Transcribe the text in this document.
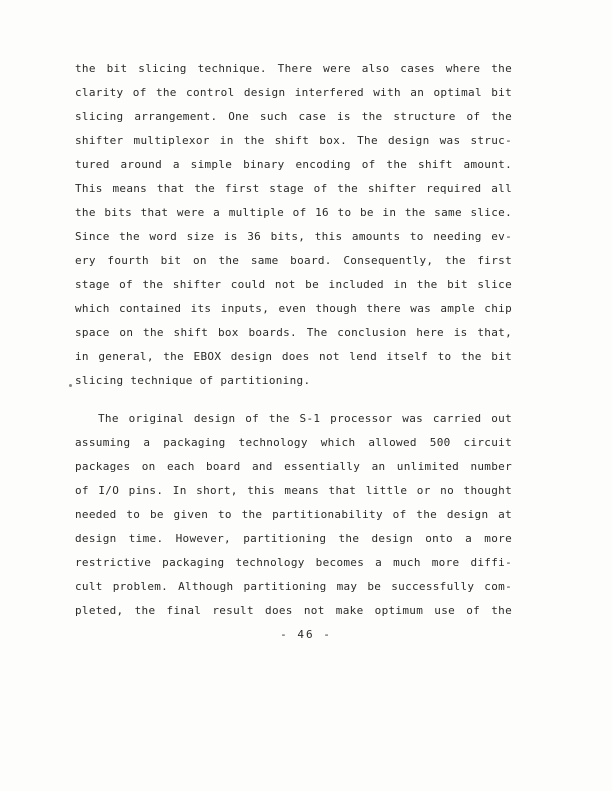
the bit slicing technique. There were also cases where the
clarity of the control design interfered with an optimal bit
slicing arrangement. One such case is the structure of the
shifter multiplexor in the shift box. The design was struc-
tured around a simple binary encoding of the shift amount.
This means that the first stage of the shifter required all
the bits that were a multiple of 16 to be in the same slice.
Since the word size is 36 bits, this amounts to needing ev-
ery fourth bit on the same board. Consequently, the first
stage of the shifter could not be included in the bit slice
which contained its inputs, even though there was ample chip
space on the shift box boards. The conclusion here is that,
in general, the EBOX design does not lend itself to the bit
slicing technique of partitioning.
The original design of the S-1 processor was carried out
assuming a packaging technology which allowed 500 circuit
packages on each board and essentially an unlimited number
of I/O pins. In short, this means that little or no thought
needed to be given to the partitionability of the design at
design time. However, partitioning the design onto a more
restrictive packaging technology becomes a much more diffi-
cult problem. Although partitioning may be successfully com-
pleted, the final result does not make optimum use of the
- 46 -
